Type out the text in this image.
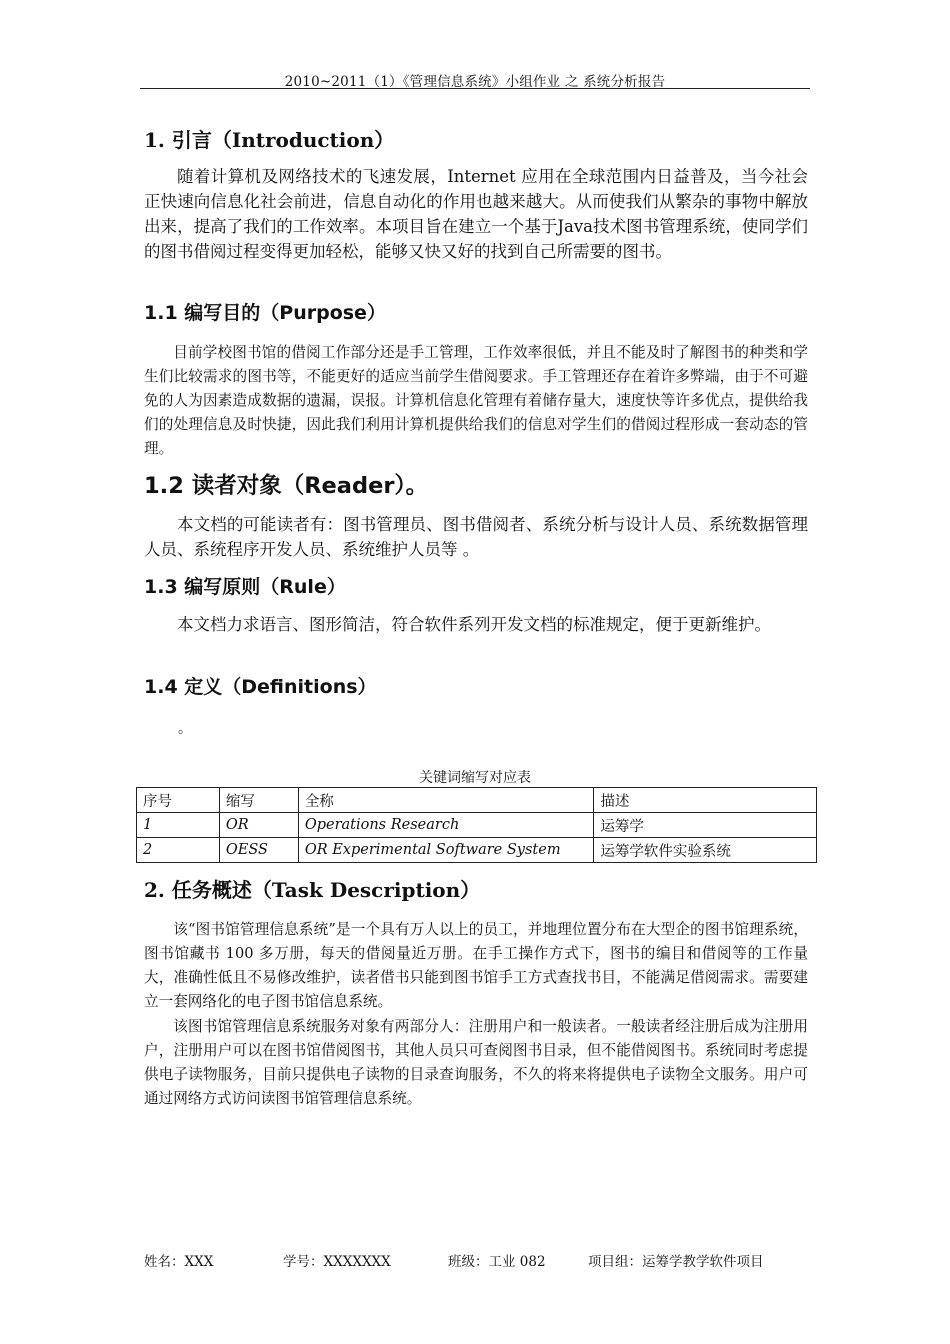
2010~2011（1）《管理信息系统》小组作业 之 系统分析报告
1. 引言（Introduction）
随着计算机及网络技术的飞速发展，Internet 应用在全球范围内日益普及，当今社会正快速向信息化社会前进，信息自动化的作用也越来越大。从而使我们从繁杂的事物中解放出来，提高了我们的工作效率。本项目旨在建立一个基于Java技术图书管理系统，使同学们的图书借阅过程变得更加轻松，能够又快又好的找到自己所需要的图书。
1.1 编写目的（Purpose）
目前学校图书馆的借阅工作部分还是手工管理，工作效率很低，并且不能及时了解图书的种类和学生们比较需求的图书等，不能更好的适应当前学生借阅要求。手工管理还存在着许多弊端，由于不可避免的人为因素造成数据的遗漏，误报。计算机信息化管理有着储存量大，速度快等许多优点，提供给我们的处理信息及时快捷，因此我们利用计算机提供给我们的信息对学生们的借阅过程形成一套动态的管理。
1.2 读者对象（Reader）。
本文档的可能读者有：图书管理员、图书借阅者、系统分析与设计人员、系统数据管理人员、系统程序开发人员、系统维护人员等 。
1.3 编写原则（Rule）
本文档力求语言、图形简洁，符合软件系列开发文档的标准规定，便于更新维护。
1.4 定义（Definitions）
。
关键词缩写对应表
序号	缩写	全称	描述
1	OR	Operations Research	运筹学
2	OESS	OR Experimental Software System	运筹学软件实验系统
2. 任务概述（Task Description）
该“图书馆管理信息系统”是一个具有万人以上的员工，并地理位置分布在大型企的图书馆理系统，图书馆藏书 100 多万册，每天的借阅量近万册。在手工操作方式下，图书的编目和借阅等的工作量大，准确性低且不易修改维护，读者借书只能到图书馆手工方式查找书目，不能满足借阅需求。需要建立一套网络化的电子图书馆信息系统。
该图书馆管理信息系统服务对象有两部分人：注册用户和一般读者。一般读者经注册后成为注册用户，注册用户可以在图书馆借阅图书，其他人员只可查阅图书目录，但不能借阅图书。系统同时考虑提供电子读物服务，目前只提供电子读物的目录查询服务，不久的将来将提供电子读物全文服务。用户可通过网络方式访问读图书馆管理信息系统。
姓名：XXX	学号：XXXXXXX	班级：工业 082	项目组：运筹学教学软件项目
